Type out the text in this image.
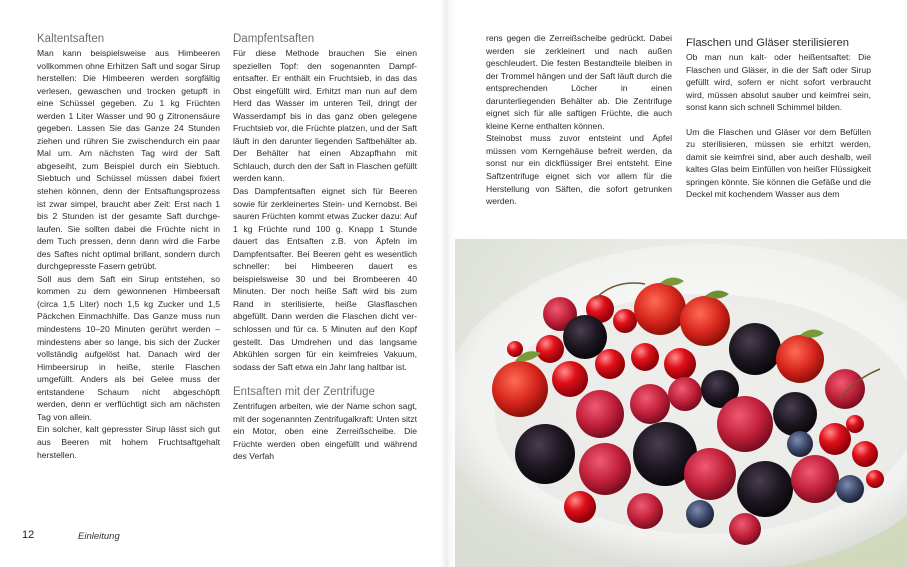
Kaltentsaften

Man kann beispielsweise aus Himbeeren vollkommen ohne Erhitzen Saft und sogar Sirup herstellen: Die Himbeeren werden sorgfältig verlesen, gewaschen und trocken getupft in eine Schüssel gegeben. Zu 1 kg Früchten werden 1 Liter Wasser und 90 g Zitronensäure gegeben. Lassen Sie das Ganze 24 Stunden ziehen und rühren Sie zwischendurch ein paar Mal um. Am nächsten Tag wird der Saft abgeseiht, zum Beispiel durch ein Siebtuch. Siebtuch und Schüssel müssen dabei fixiert stehen können, denn der Entsaftungsprozess ist zwar simpel, braucht aber Zeit: Erst nach 1 bis 2 Stunden ist der gesamte Saft durchgelaufen. Sie sollten dabei die Früchte nicht in dem Tuch pressen, denn dann wird die Farbe des Saftes nicht optimal brillant, sondern durch durchgepresste Fasern getrübt.

Soll aus dem Saft ein Sirup entstehen, so kommen zu dem gewonnenen Himbeersaft (circa 1,5 Liter) noch 1,5 kg Zucker und 1,5 Päckchen Einmachhilfe. Das Ganze muss nun mindestens 10–20 Minuten gerührt werden – mindestens aber so lange, bis sich der Zucker vollständig aufgelöst hat. Danach wird der Himbeersirup in heiße, sterile Flaschen umgefüllt. Anders als bei Gelee muss der entstandene Schaum nicht abgeschöpft werden, denn er verflüchtigt sich am nächsten Tag von allein.

Ein solcher, kalt gepresster Sirup lässt sich gut aus Beeren mit hohem Fruchtsaftgehalt herstellen.

Dampfentsaften

Für diese Methode brauchen Sie einen speziellen Topf: den sogenannten Dampfentsafter. Er enthält ein Fruchtsieb, in das das Obst eingefüllt wird. Erhitzt man nun auf dem Herd das Wasser im unteren Teil, dringt der Wasserdampf bis in das ganz oben gelegene Fruchtsieb vor, die Früchte platzen, und der Saft läuft in den darunter liegenden Saftbehälter ab. Der Behälter hat einen Abzapfhahn mit Schlauch, durch den der Saft in Flaschen gefüllt werden kann.

Das Dampfentsaften eignet sich für Beeren sowie für zerkleinertes Stein- und Kernobst. Bei sauren Früchten kommt etwas Zucker dazu: Auf 1 kg Früchte rund 100 g. Knapp 1 Stunde dauert das Entsaften z.B. von Äpfeln im Dampfentsafter. Bei Beeren geht es wesentlich schneller: bei Himbeeren dauert es beispielsweise 30 und bei Brombeeren 40 Minuten. Der noch heiße Saft wird bis zum Rand in sterilisierte, heiße Glasflaschen abgefüllt. Dann werden die Flaschen dicht verschlossen und für ca. 5 Minuten auf den Kopf gestellt. Das Umdrehen und das langsame Abkühlen sorgen für ein keimfreies Vakuum, sodass der Saft etwa ein Jahr lang haltbar ist.

Entsaften mit der Zentrifuge

Zentrifugen arbeiten, wie der Name schon sagt, mit der sogenannten Zentrifugalkraft: Unten sitzt ein Motor, oben eine Zerreißscheibe. Die Früchte werden oben eingefüllt und während des Verfah

rens gegen die Zerreißscheibe gedrückt. Dabei werden sie zerkleinert und nach außen geschleudert. Die festen Bestandteile bleiben in der Trommel hängen und der Saft läuft durch die entsprechenden Löcher in einen darunterliegenden Behälter ab. Die Zentrifuge eignet sich für alle saftigen Früchte, die auch kleine Kerne enthalten können.

Steinobst muss zuvor entsteint und Äpfel müssen vom Kerngehäuse befreit werden, da sonst nur ein dickflüssiger Brei entsteht. Eine Saftzentrifuge eignet sich vor allem für die Herstellung von Säften, die sofort getrunken werden.

Flaschen und Gläser sterilisieren

Ob man nun kalt- oder heißentsaftet: Die Flaschen und Gläser, in die der Saft oder Sirup gefüllt wird, sofern er nicht sofort verbraucht wird, müssen absolut sauber und keimfrei sein, sonst kann sich schnell Schimmel bilden.

Um die Flaschen und Gläser vor dem Befüllen zu sterilisieren, müssen sie erhitzt werden, damit sie keimfrei sind, aber auch deshalb, weil kaltes Glas beim Einfüllen von heißer Flüssigkeit springen könnte. Sie können die Gefäße und die Deckel mit kochendem Wasser aus dem

12	Einleitung
